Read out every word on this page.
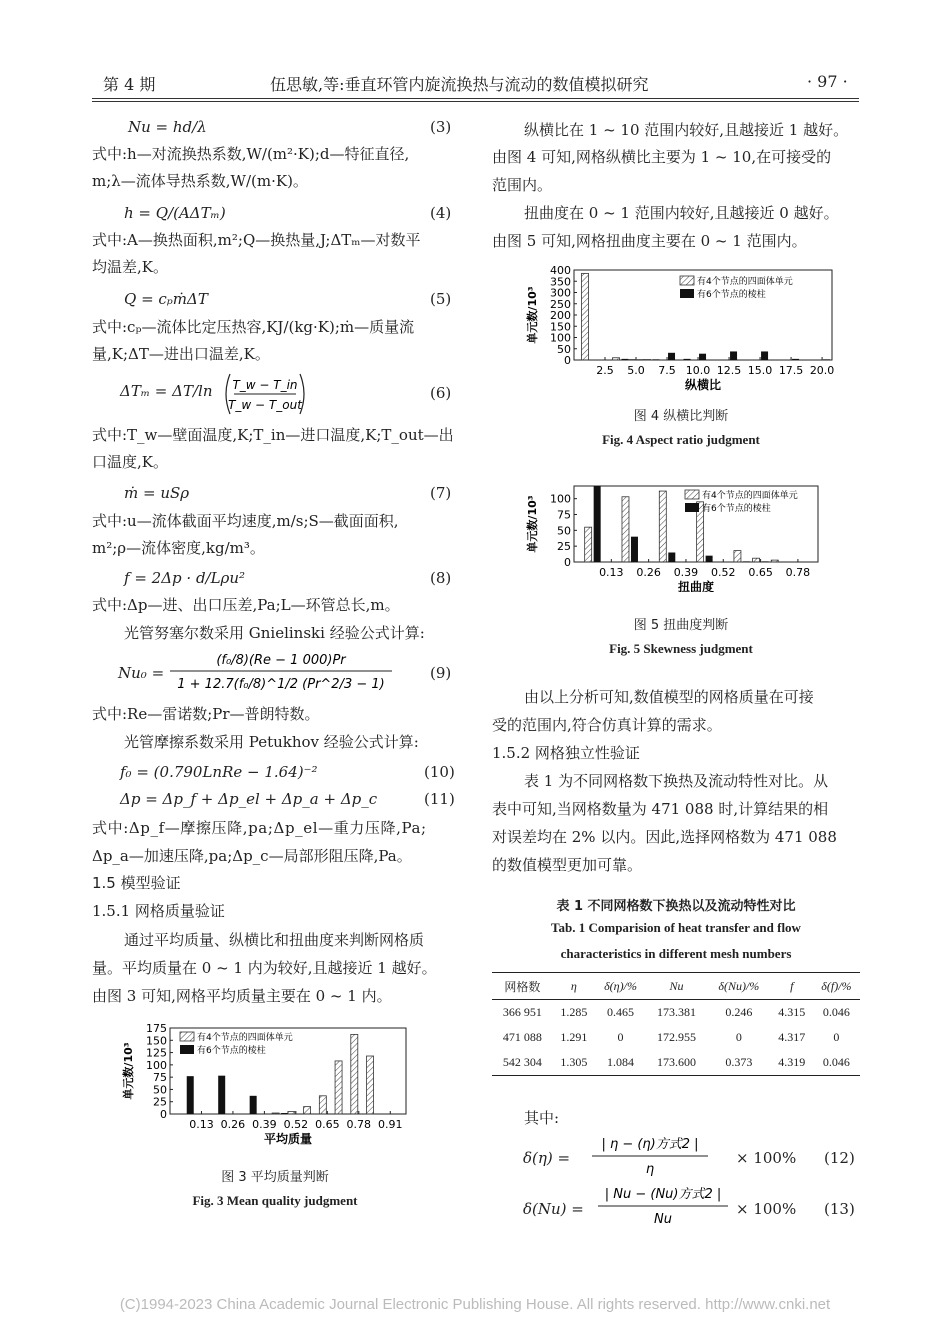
第 4 期	伍思敏,等:垂直环管内旋流换热与流动的数值模拟研究	· 97 ·
Nu = hd/λ	(3)
式中:h—对流换热系数,W/(m²·K);d—特征直径,
m;λ—流体导热系数,W/(m·K)。
h = Q/(AΔTₘ)	(4)
式中:A—换热面积,m²;Q—换热量,J;ΔTₘ—对数平
均温差,K。
Q = cₚṁΔT	(5)
式中:cₚ—流体比定压热容,KJ/(kg·K);ṁ—质量流
量,K;ΔT—进出口温差,K。
ΔTₘ = ΔT/ln T_w − T_in
T_w − T_out
(6)
式中:T_w—壁面温度,K;T_in—进口温度,K;T_out—出
口温度,K。
ṁ = uSρ	(7)
式中:u—流体截面平均速度,m/s;S—截面面积,
m²;ρ—流体密度,kg/m³。
f = 2Δp · d/Lρu²	(8)
式中:Δp—进、出口压差,Pa;L—环管总长,m。
光管努塞尔数采用 Gnielinski 经验公式计算:
Nu₀ =
(f₀/8)(Re − 1 000)Pr
1 + 12.7(f₀/8)^1/2 (Pr^2/3 − 1)
(9)
式中:Re—雷诺数;Pr—普朗特数。
光管摩擦系数采用 Petukhov 经验公式计算:
f₀ = (0.790LnRe − 1.64)⁻²	(10)
Δp = Δp_f + Δp_el + Δp_a + Δp_c	(11)
式中:Δp_f—摩擦压降,pa;Δp_el—重力压降,Pa;
Δp_a—加速压降,pa;Δp_c—局部形阻压降,Pa。
1.5 模型验证
1.5.1 网格质量验证
通过平均质量、纵横比和扭曲度来判断网格质
量。平均质量在 0 ~ 1 内为较好,且越接近 1 越好。
由图 3 可知,网格平均质量主要在 0 ~ 1 内。
0
25
50
75
100
125
150
175
0.13 0.26 0.39 0.52 0.65 0.78 0.91
有4个节点的四面体单元
有6个节点的棱柱
平均质量
单元数/10³
图 3 平均质量判断
Fig. 3 Mean quality judgment
纵横比在 1 ~ 10 范围内较好,且越接近 1 越好。
由图 4 可知,网格纵横比主要为 1 ~ 10,在可接受的
范围内。
扭曲度在 0 ~ 1 范围内较好,且越接近 0 越好。
由图 5 可知,网格扭曲度主要在 0 ~ 1 范围内。
0
50
100
150
200
250
300
350
400
2.5 5.0 7.5 10.0 12.5 15.0 17.5 20.0
有4个节点的四面体单元
有6个节点的棱柱
纵横比
单元数/10³
图 4 纵横比判断
Fig. 4 Aspect ratio judgment
0
25
50
75
100
0.13 0.26 0.39 0.52 0.65 0.78
有4个节点的四面体单元
有6个节点的棱柱
扭曲度
单元数/10³
图 5 扭曲度判断
Fig. 5 Skewness judgment
由以上分析可知,数值模型的网格质量在可接
受的范围内,符合仿真计算的需求。
1.5.2 网格独立性验证
表 1 为不同网格数下换热及流动特性对比。从
表中可知,当网格数量为 471 088 时,计算结果的相
对误差均在 2% 以内。因此,选择网格数为 471 088
的数值模型更加可靠。
表 1 不同网格数下换热以及流动特性对比
Tab. 1 Comparision of heat transfer and flow
characteristics in different mesh numbers
网格数	η	δ(η)/%	Nu	δ(Nu)/%	f	δ(f)/%
366 951	1.285	0.465	173.381	0.246	4.315	0.046
471 088	1.291	0	172.955	0	4.317	0
542 304	1.305	1.084	173.600	0.373	4.319	0.046
其中:
δ(η) =
| η − (η)方式2 |
η
× 100% (12)
δ(Nu) =
| Nu − (Nu)方式2 |
Nu
× 100% (13)
(C)1994-2023 China Academic Journal Electronic Publishing House. All rights reserved. http://www.cnki.net
